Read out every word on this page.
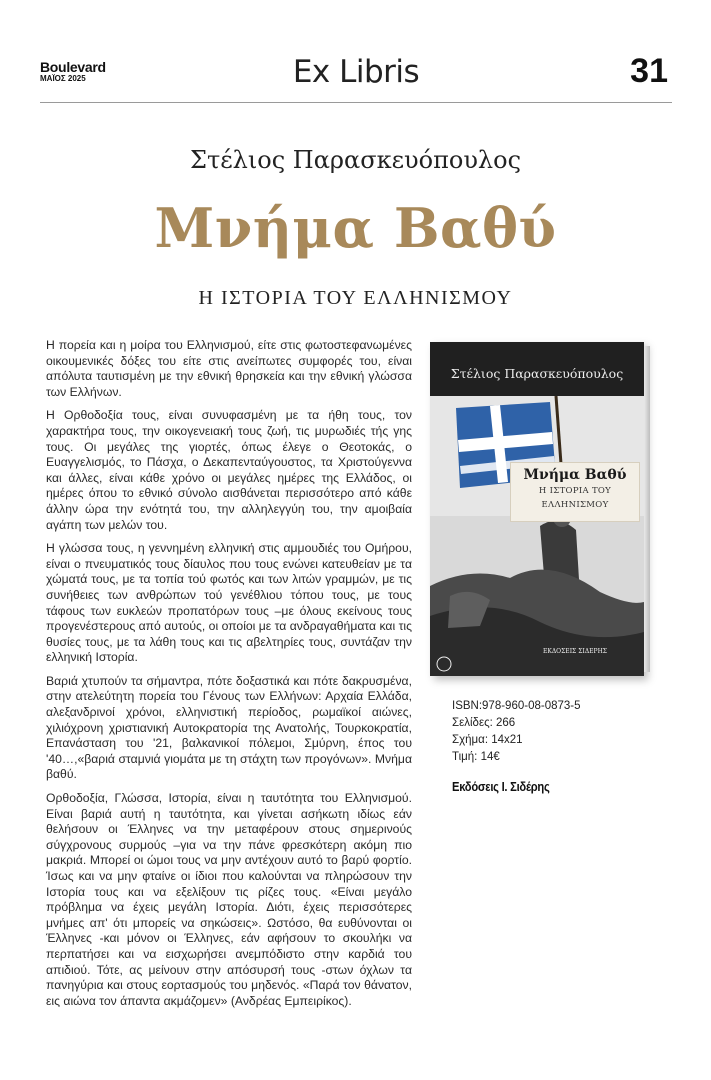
Boulevard
ΜΑΪΟΣ 2025	Ex Libris	31
Στέλιος Παρασκευόπουλος
Μνήμα Βαθύ
Η ΙΣΤΟΡΙΑ ΤΟΥ ΕΛΛΗΝΙΣΜΟΥ

Η πορεία και η μοίρα του Ελληνισμού, είτε στις φωτοστεφανωμένες οικουμενικές δόξες του είτε στις ανείπωτες συμφορές του, είναι απόλυτα ταυτισμένη με την εθνική θρησκεία και την εθνική γλώσσα των Ελλήνων.

Η Ορθοδοξία τους, είναι συνυφασμένη με τα ήθη τους, τον χαρακτήρα τους, την οικογενειακή τους ζωή, τις μυρωδιές τής γης τους. Οι μεγάλες της γιορτές, όπως έλεγε ο Θεοτοκάς, ο Ευαγγελισμός, το Πάσχα, ο Δεκαπενταύγουστος, τα Χριστούγεννα και άλλες, είναι κάθε χρόνο οι μεγάλες ημέρες της Ελλάδος, οι ημέρες όπου το εθνικό σύνολο αισθάνεται περισσότερο από κάθε άλλην ώρα την ενότητά του, την αλληλεγγύη του, την αμοιβαία αγάπη των μελών του.

Η γλώσσα τους, η γεννημένη ελληνική στις αμμουδιές του Ομήρου, είναι ο πνευματικός τους δίαυλος που τους ενώνει κατευθείαν με τα χώματά τους, με τα τοπία τού φωτός και των λιτών γραμμών, με τις συνήθειες των ανθρώπων τού γενέθλιου τόπου τους, με τους τάφους των ευκλεών προπατόρων τους –με όλους εκείνους τους προγενέστερους από αυτούς, οι οποίοι με τα ανδραγαθήματα και τις θυσίες τους, με τα λάθη τους και τις αβελτηρίες τους, συντάζαν την ελληνική Ιστορία.

Βαριά χτυπούν τα σήμαντρα, πότε δοξαστικά και πότε δακρυσμένα, στην ατελεύτητη πορεία του Γένους των Ελλήνων: Αρχαία Ελλάδα, αλεξανδρινοί χρόνοι, ελληνιστική περίοδος, ρωμαϊκοί αιώνες, χιλιόχρονη χριστιανική Αυτοκρατορία της Ανατολής, Τουρκοκρατία, Επανάσταση του '21, βαλκανικοί πόλεμοι, Σμύρνη, έπος του '40…,«βαριά σταμνιά γιομάτα με τη στάχτη των προγόνων». Μνήμα βαθύ.

Ορθοδοξία, Γλώσσα, Ιστορία, είναι η ταυτότητα του Ελληνισμού. Είναι βαριά αυτή η ταυτότητα, και γίνεται ασήκωτη ιδίως εάν θελήσουν οι Έλληνες να την μεταφέρουν στους σημερινούς σύγχρονους συρμούς –για να την πάνε φρεσκότερη ακόμη πιο μακριά. Μπορεί οι ώμοι τους να μην αντέχουν αυτό το βαρύ φορτίο. Ίσως και να μην φταίνε οι ίδιοι που καλούνται να πληρώσουν την Ιστορία τους και να εξελίξουν τις ρίζες τους. «Είναι μεγάλο πρόβλημα να έχεις μεγάλη Ιστορία. Διότι, έχεις περισσότερες μνήμες απ' ότι μπορείς να σηκώσεις». Ωστόσο, θα ευθύνονται οι Έλληνες -και μόνον οι Έλληνες, εάν αφήσουν το σκουλήκι να περπατήσει και να εισχωρήσει ανεμπόδιστο στην καρδιά του απιδιού. Τότε, ας μείνουν στην απόσυρσή τους -στων όχλων τα πανηγύρια και στους εορτασμούς του μηδενός. «Παρά τον θάνατον, εις αιώνα τον άπαντα ακμάζομεν» (Ανδρέας Εμπειρίκος).

Στέλιος Παρασκευόπουλος
Μνήμα Βαθύ
Η ΙΣΤΟΡΙΑ ΤΟΥ
ΕΛΛΗΝΙΣΜΟΥ
ΕΚΔΟΣΕΙΣ ΣΙΔΕΡΗΣ
ISBN:978-960-08-0873-5
Σελίδες: 266
Σχήμα: 14x21
Τιμή: 14€
Εκδόσεις Ι. Σιδέρης
